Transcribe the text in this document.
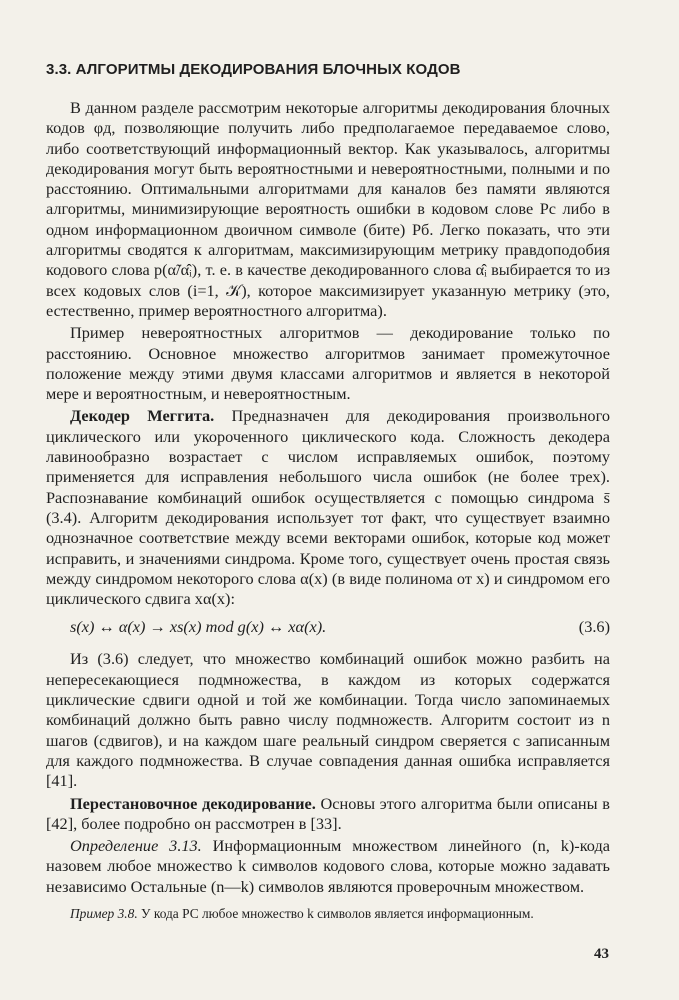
3.3. АЛГОРИТМЫ ДЕКОДИРОВАНИЯ БЛОЧНЫХ КОДОВ

В данном разделе рассмотрим некоторые алгоритмы декодирования блочных кодов φд, позволяющие получить либо предполагаемое передаваемое слово, либо соответствующий информационный вектор. Как указывалось, алгоритмы декодирования могут быть вероятностными и невероятностными, полными и по расстоянию. Оптимальными алгоритмами для каналов без памяти являются алгоритмы, минимизирующие вероятность ошибки в кодовом слове Pс либо в одном информационном двоичном символе (бите) Pб. Легко показать, что эти алгоритмы сводятся к алгоритмам, максимизирующим метрику правдоподобия кодового слова p(α̃/α̂ᵢ), т. е. в качестве декодированного слова α̂ᵢ выбирается то из всех кодовых слов (i=1, 𝒦), которое максимизирует указанную метрику (это, естественно, пример вероятностного алгоритма).

Пример невероятностных алгоритмов — декодирование только по расстоянию. Основное множество алгоритмов занимает промежуточное положение между этими двумя классами алгоритмов и является в некоторой мере и вероятностным, и невероятностным.

Декодер Меггита. Предназначен для декодирования произвольного циклического или укороченного циклического кода. Сложность декодера лавинообразно возрастает с числом исправляемых ошибок, поэтому применяется для исправления небольшого числа ошибок (не более трех). Распознавание комбинаций ошибок осуществляется с помощью синдрома s̄ (3.4). Алгоритм декодирования использует тот факт, что существует взаимно однозначное соответствие между всеми векторами ошибок, которые код может исправить, и значениями синдрома. Кроме того, существует очень простая связь между синдромом некоторого слова α(x) (в виде полинома от x) и синдромом его циклического сдвига xα(x):

s(x) ↔ α(x) → xs(x) mod g(x) ↔ xα(x).	(3.6)

Из (3.6) следует, что множество комбинаций ошибок можно разбить на непересекающиеся подмножества, в каждом из которых содержатся циклические сдвиги одной и той же комбинации. Тогда число запоминаемых комбинаций должно быть равно числу подмножеств. Алгоритм состоит из n шагов (сдвигов), и на каждом шаге реальный синдром сверяется с записанным для каждого подмножества. В случае совпадения данная ошибка исправляется [41].

Перестановочное декодирование. Основы этого алгоритма были описаны в [42], более подробно он рассмотрен в [33].

Определение 3.13. Информационным множеством линейного (n, k)-кода назовем любое множество k символов кодового слова, которые можно задавать независимо Остальные (n—k) символов являются проверочным множеством.

Пример 3.8. У кода РС любое множество k символов является информационным.
43
